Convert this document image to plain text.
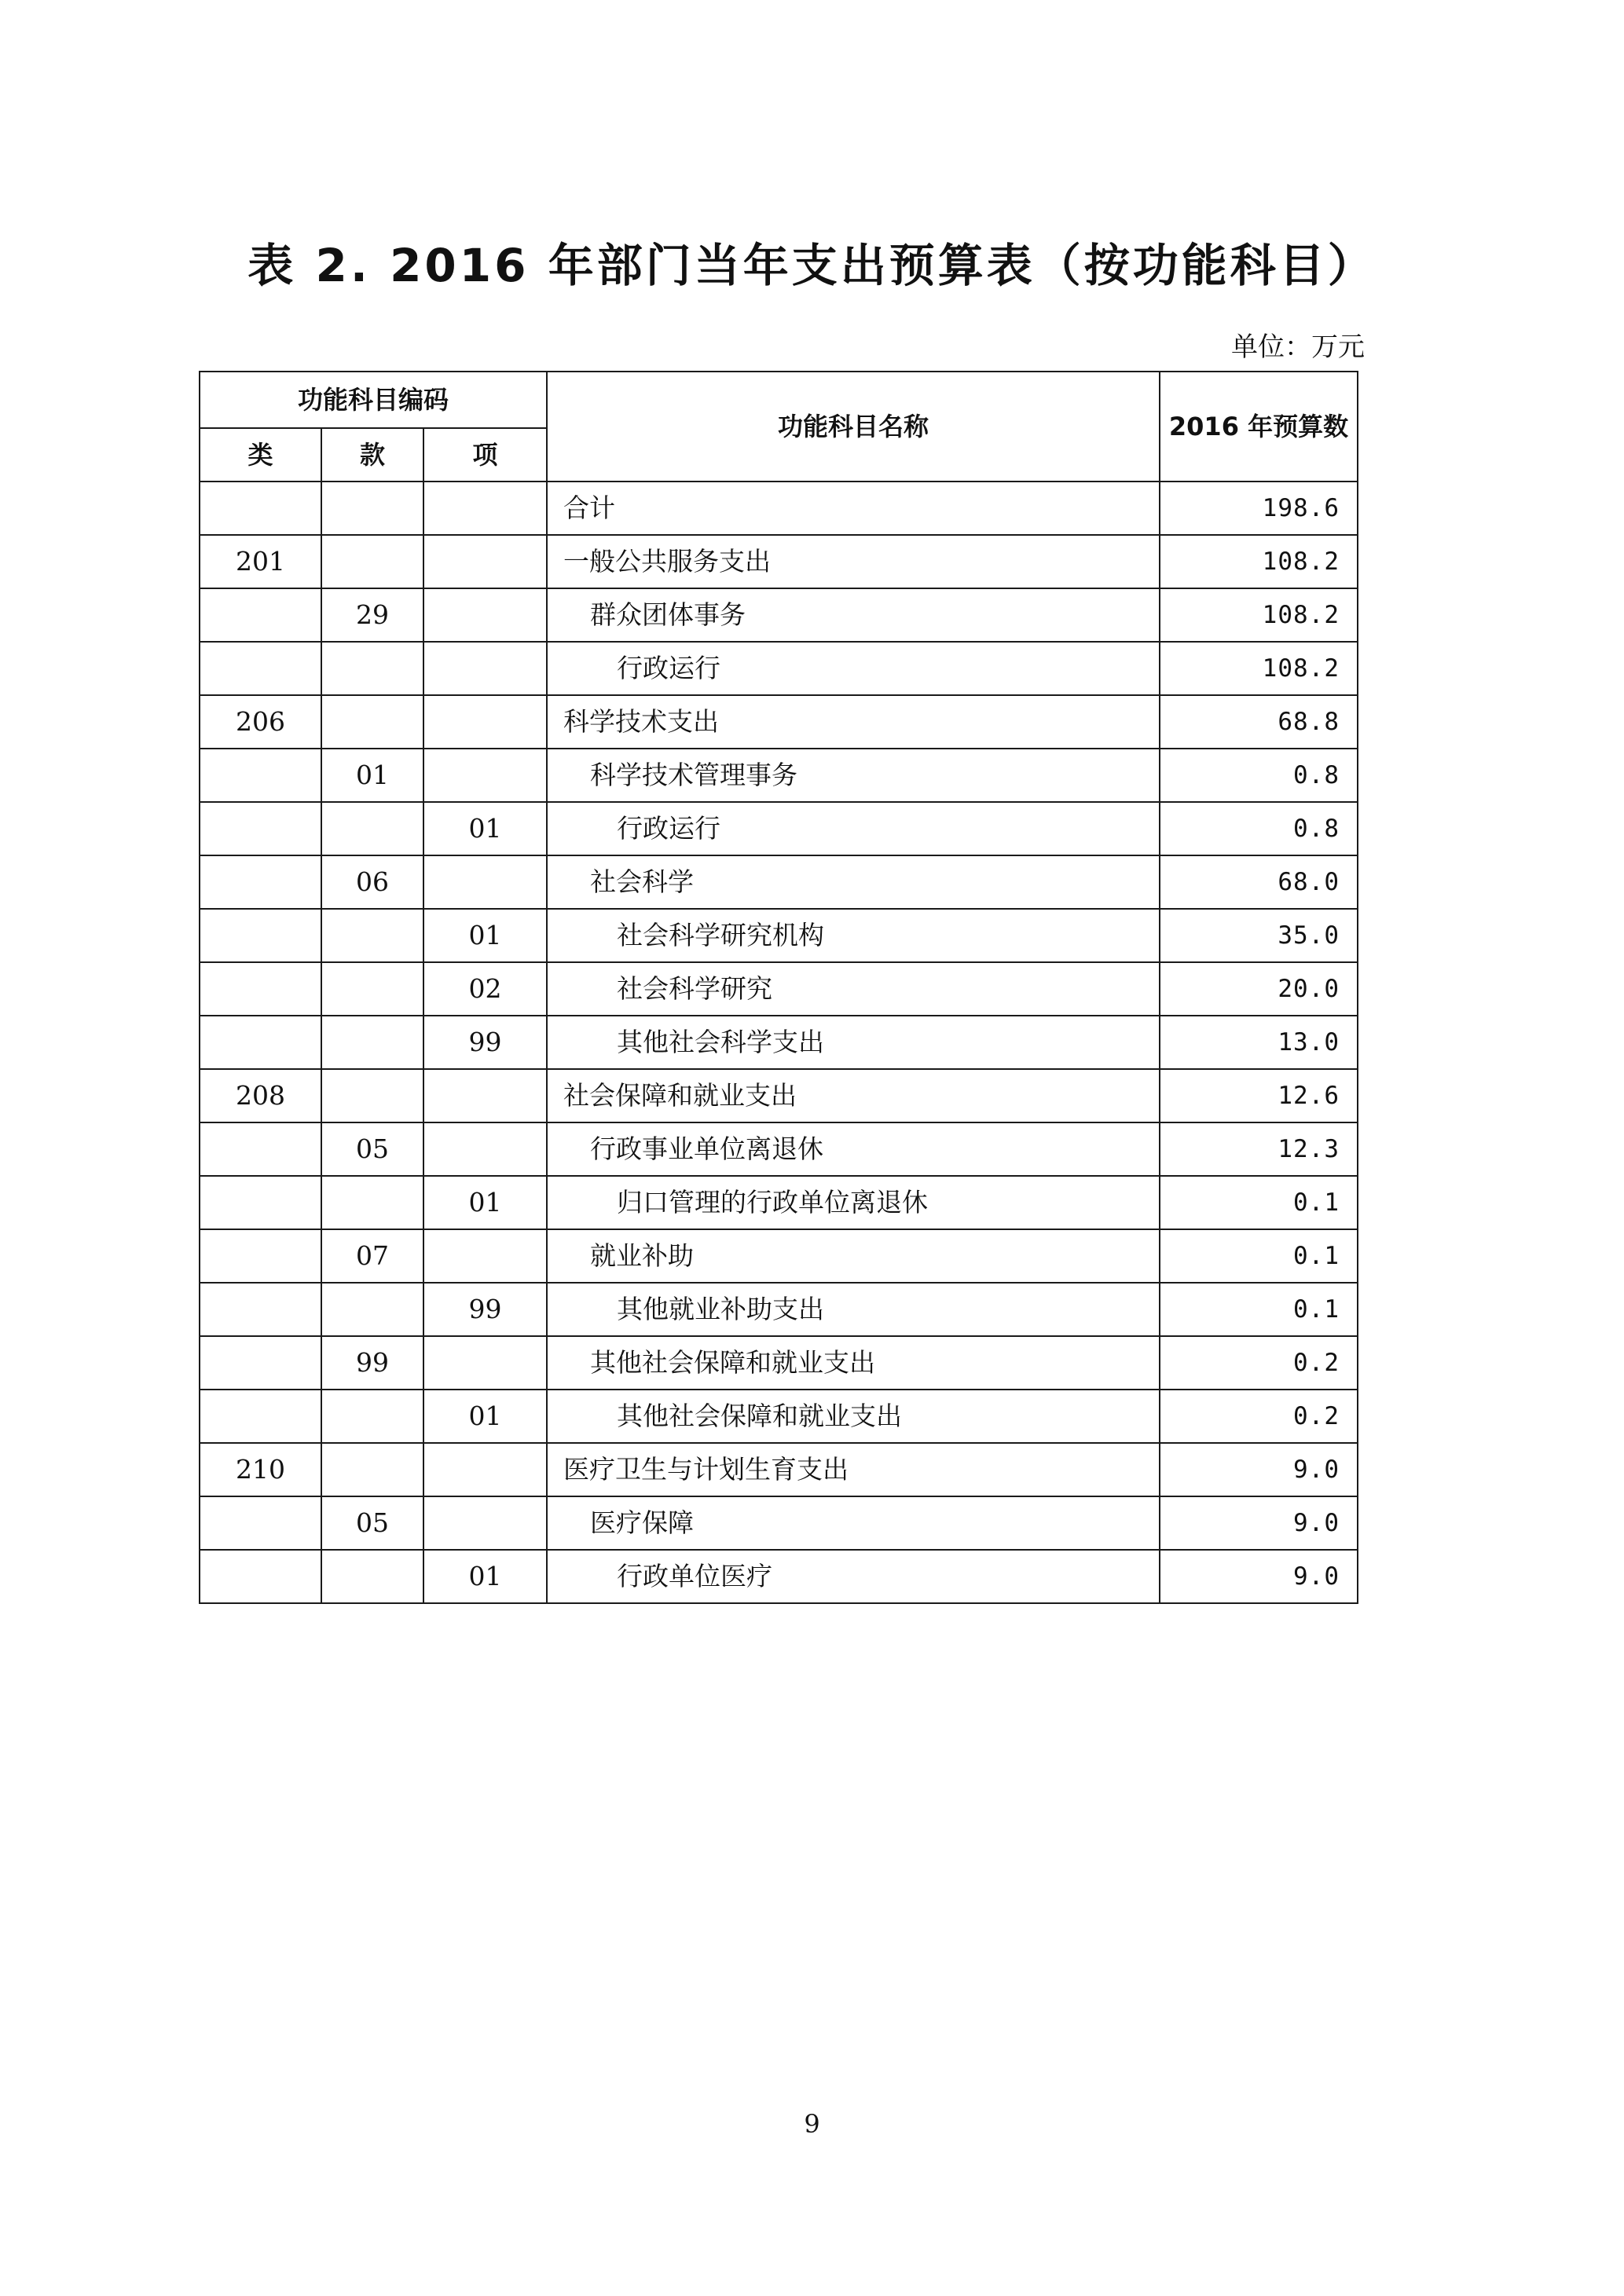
表 2. 2016 年部门当年支出预算表（按功能科目）
单位：万元
功能科目编码			功能科目名称	2016 年预算数
类	款	项		
			合计	198.6
201			一般公共服务支出	108.2
	29		群众团体事务	108.2
			行政运行	108.2
206			科学技术支出	68.8
	01		科学技术管理事务	0.8
		01	行政运行	0.8
	06		社会科学	68.0
		01	社会科学研究机构	35.0
		02	社会科学研究	20.0
		99	其他社会科学支出	13.0
208			社会保障和就业支出	12.6
	05		行政事业单位离退休	12.3
		01	归口管理的行政单位离退休	0.1
	07		就业补助	0.1
		99	其他就业补助支出	0.1
	99		其他社会保障和就业支出	0.2
		01	其他社会保障和就业支出	0.2
210			医疗卫生与计划生育支出	9.0
	05		医疗保障	9.0
		01	行政单位医疗	9.0
9
